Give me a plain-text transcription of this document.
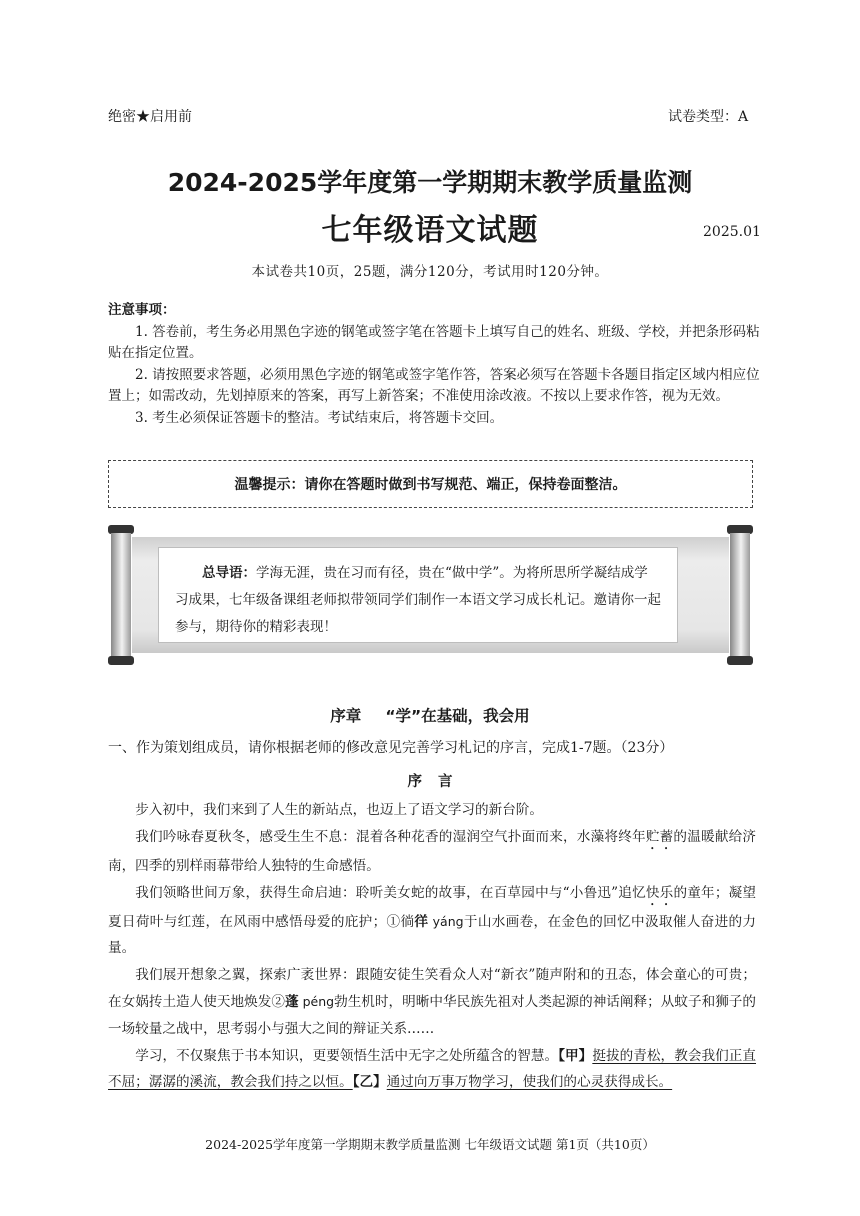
绝密★启用前	试卷类型：A
2024-2025学年度第一学期期末教学质量监测
七年级语文试题	2025.01
本试卷共10页，25题，满分120分，考试用时120分钟。
注意事项：

1. 答卷前，考生务必用黑色字迹的钢笔或签字笔在答题卡上填写自己的姓名、班级、学校，并把条形码粘贴在指定位置。

2. 请按照要求答题，必须用黑色字迹的钢笔或签字笔作答，答案必须写在答题卡各题目指定区域内相应位置上；如需改动，先划掉原来的答案，再写上新答案；不准使用涂改液。不按以上要求作答，视为无效。

3. 考生必须保证答题卡的整洁。考试结束后，将答题卡交回。

温馨提示：请你在答题时做到书写规范、端正，保持卷面整洁。
总导语：学海无涯，贵在习而有径，贵在“做中学”。为将所思所学凝结成学习成果，七年级备课组老师拟带领同学们制作一本语文学习成长札记。邀请你一起参与，期待你的精彩表现！
序章 “学”在基础，我会用
一、作为策划组成员，请你根据老师的修改意见完善学习札记的序言，完成1-7题。（23分）
序言

步入初中，我们来到了人生的新站点，也迈上了语文学习的新台阶。

我们吟咏春夏秋冬，感受生生不息：混着各种花香的湿润空气扑面而来，水藻将终年贮蓄的温暖献给济南，四季的别样雨幕带给人独特的生命感悟。

我们领略世间万象，获得生命启迪：聆听美女蛇的故事，在百草园中与“小鲁迅”追忆快乐的童年；凝望夏日荷叶与红莲，在风雨中感悟母爱的庇护；①徜徉 yáng于山水画卷，在金色的回忆中汲取催人奋进的力量。

我们展开想象之翼，探索广袤世界：跟随安徒生笑看众人对“新衣”随声附和的丑态，体会童心的可贵；在女娲抟土造人使天地焕发②蓬 péng勃生机时，明晰中华民族先祖对人类起源的神话阐释；从蚊子和狮子的一场较量之战中，思考弱小与强大之间的辩证关系……

学习，不仅聚焦于书本知识，更要领悟生活中无字之处所蕴含的智慧。【甲】挺拔的青松，教会我们正直不屈；潺潺的溪流，教会我们持之以恒。【乙】通过向万事万物学习，使我们的心灵获得成长。

2024-2025学年度第一学期期末教学质量监测 七年级语文试题 第1页（共10页）
